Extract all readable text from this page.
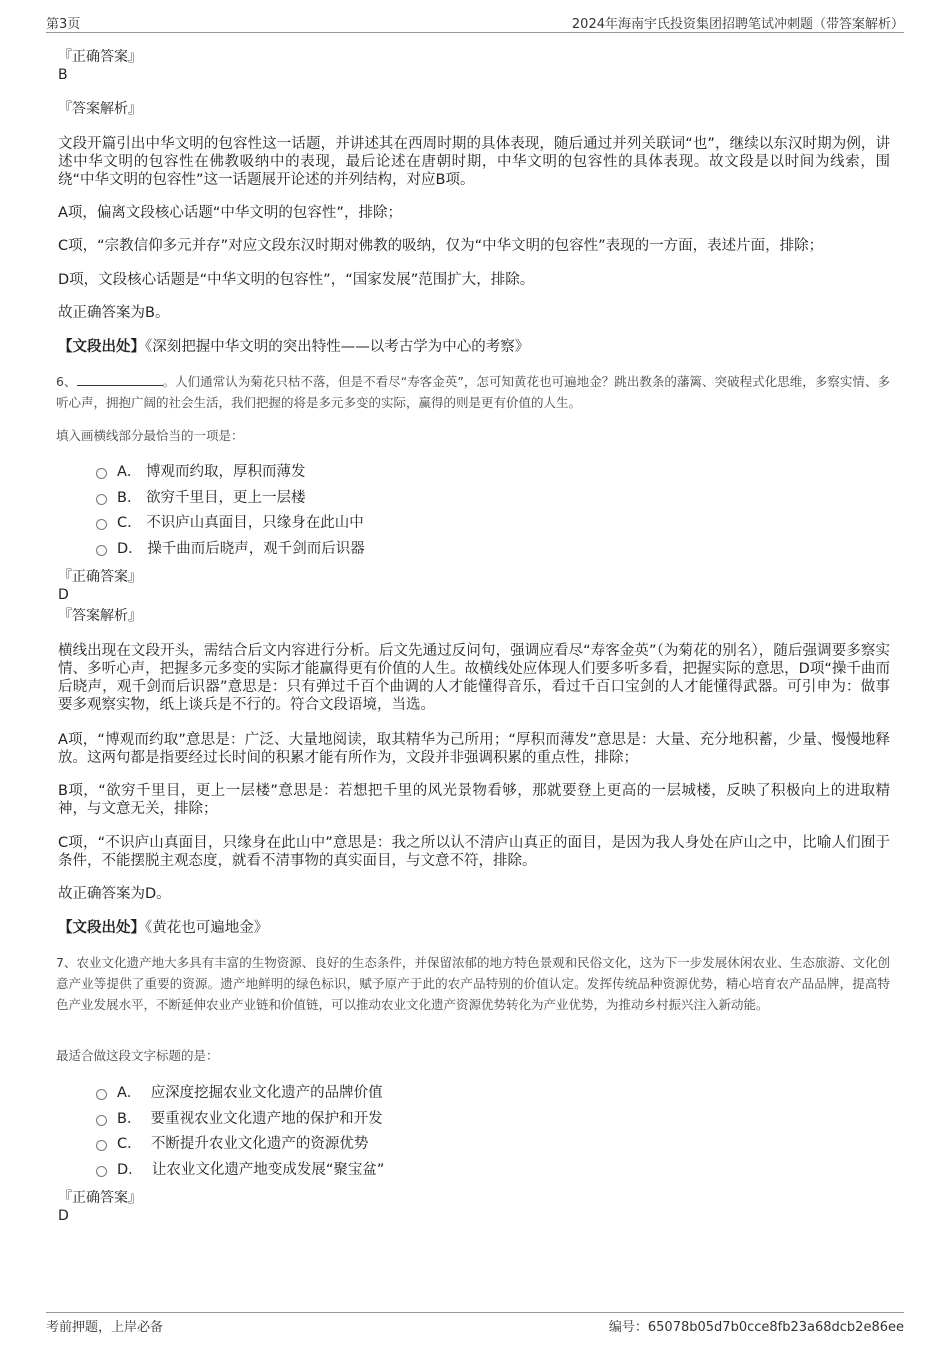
第3页	2024年海南宇氏投资集团招聘笔试冲刺题（带答案解析）
『正确答案』
B
『答案解析』

文段开篇引出中华文明的包容性这一话题，并讲述其在西周时期的具体表现，随后通过并列关联词“也”，继续以东汉时期为例，讲述中华文明的包容性在佛教吸纳中的表现，最后论述在唐朝时期，中华文明的包容性的具体表现。故文段是以时间为线索，围绕“中华文明的包容性”这一话题展开论述的并列结构，对应B项。

A项，偏离文段核心话题“中华文明的包容性”，排除；

C项，“宗教信仰多元并存”对应文段东汉时期对佛教的吸纳，仅为“中华文明的包容性”表现的一方面，表述片面，排除；

D项，文段核心话题是“中华文明的包容性”，“国家发展”范围扩大，排除。

故正确答案为B。

【文段出处】《深刻把握中华文明的突出特性——以考古学为中心的考察》

6、	。人们通常认为菊花只枯不落，但是不看尽“寿客金英”，怎可知黄花也可遍地金？跳出教条的藩篱、突破程式化思维，多察实情、多听心声，拥抱广阔的社会生活，我们把握的将是多元多变的实际，赢得的则是更有价值的人生。

填入画横线部分最恰当的一项是：
A．
博观而约取，厚积而薄发
B．
欲穷千里目，更上一层楼
C．
不识庐山真面目，只缘身在此山中
D．
操千曲而后晓声，观千剑而后识器
『正确答案』
D
『答案解析』

横线出现在文段开头，需结合后文内容进行分析。后文先通过反问句，强调应看尽“寿客金英”（为菊花的别名），随后强调要多察实情、多听心声，把握多元多变的实际才能赢得更有价值的人生。故横线处应体现人们要多听多看，把握实际的意思，D项“操千曲而后晓声，观千剑而后识器”意思是：只有弹过千百个曲调的人才能懂得音乐，看过千百口宝剑的人才能懂得武器。可引申为：做事要多观察实物，纸上谈兵是不行的。符合文段语境，当选。

A项，“博观而约取”意思是：广泛、大量地阅读，取其精华为己所用；“厚积而薄发”意思是：大量、充分地积蓄，少量、慢慢地释放。这两句都是指要经过长时间的积累才能有所作为，文段并非强调积累的重点性，排除；

B项，“欲穷千里目，更上一层楼”意思是：若想把千里的风光景物看够，那就要登上更高的一层城楼，反映了积极向上的进取精神，与文意无关，排除；

C项，“不识庐山真面目，只缘身在此山中”意思是：我之所以认不清庐山真正的面目，是因为我人身处在庐山之中，比喻人们囿于条件，不能摆脱主观态度，就看不清事物的真实面目，与文意不符，排除。

故正确答案为D。

【文段出处】《黄花也可遍地金》

7、农业文化遗产地大多具有丰富的生物资源、良好的生态条件，并保留浓郁的地方特色景观和民俗文化，这为下一步发展休闲农业、生态旅游、文化创意产业等提供了重要的资源。遗产地鲜明的绿色标识，赋予原产于此的农产品特别的价值认定。发挥传统品种资源优势，精心培育农产品品牌，提高特色产业发展水平，不断延伸农业产业链和价值链，可以推动农业文化遗产资源优势转化为产业优势，为推动乡村振兴注入新动能。

最适合做这段文字标题的是：
A．
应深度挖掘农业文化遗产的品牌价值
B．
要重视农业文化遗产地的保护和开发
C．
不断提升农业文化遗产的资源优势
D．
让农业文化遗产地变成发展“聚宝盆”
『正确答案』
D
考前押题，上岸必备	编号：65078b05d7b0cce8fb23a68dcb2e86ee
